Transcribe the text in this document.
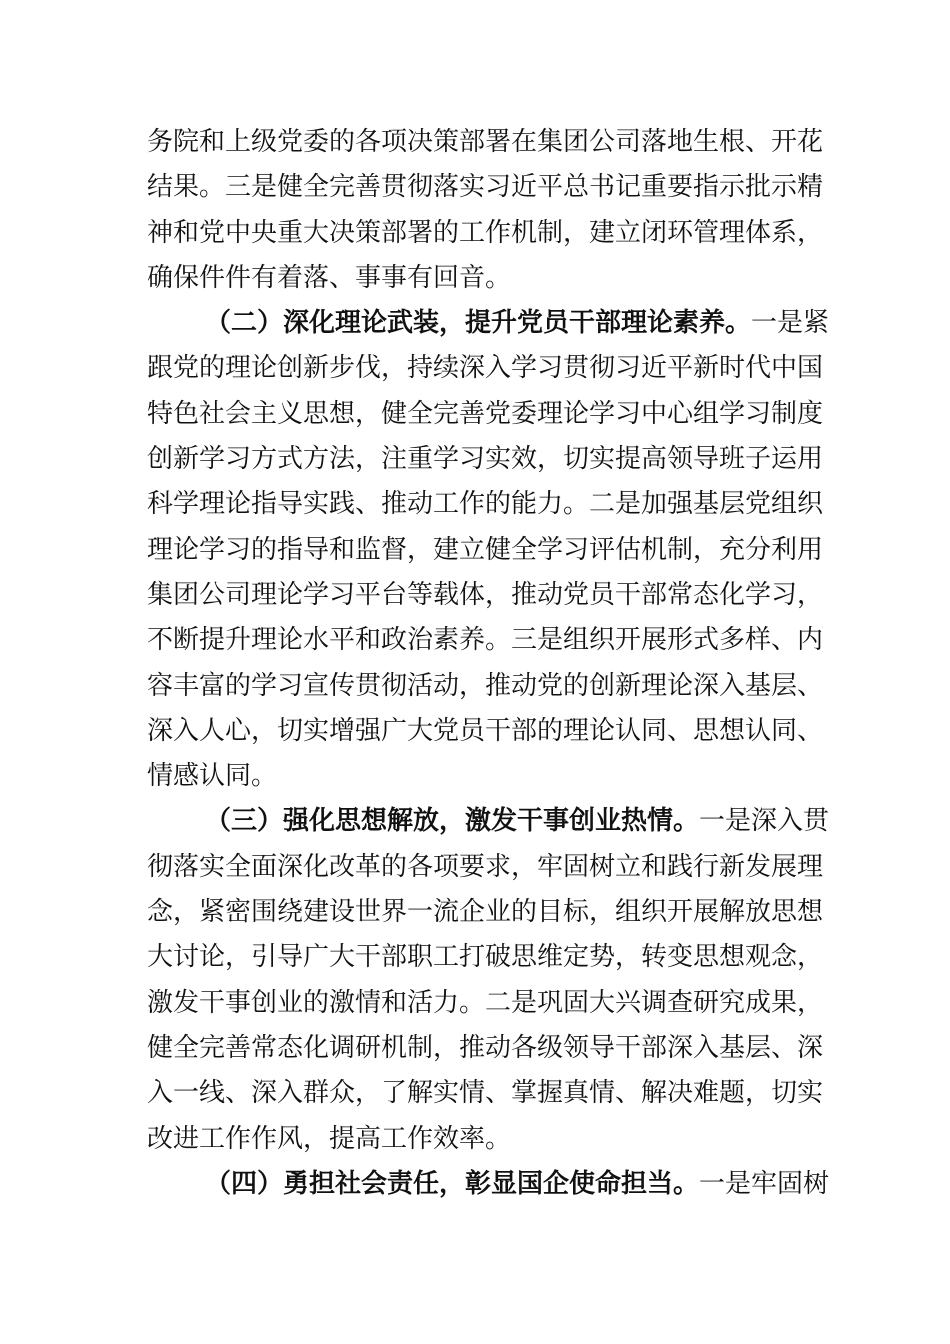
务院和上级党委的各项决策部署在集团公司落地生根、开花
结果。三是健全完善贯彻落实习近平总书记重要指示批示精
神和党中央重大决策部署的工作机制，建立闭环管理体系，
确保件件有着落、事事有回音。
（二）深化理论武装，提升党员干部理论素养。一是紧
跟党的理论创新步伐，持续深入学习贯彻习近平新时代中国
特色社会主义思想，健全完善党委理论学习中心组学习制度
创新学习方式方法，注重学习实效，切实提高领导班子运用
科学理论指导实践、推动工作的能力。二是加强基层党组织
理论学习的指导和监督，建立健全学习评估机制，充分利用
集团公司理论学习平台等载体，推动党员干部常态化学习，
不断提升理论水平和政治素养。三是组织开展形式多样、内
容丰富的学习宣传贯彻活动，推动党的创新理论深入基层、
深入人心，切实增强广大党员干部的理论认同、思想认同、
情感认同。
（三）强化思想解放，激发干事创业热情。一是深入贯
彻落实全面深化改革的各项要求，牢固树立和践行新发展理
念，紧密围绕建设世界一流企业的目标，组织开展解放思想
大讨论，引导广大干部职工打破思维定势，转变思想观念，
激发干事创业的激情和活力。二是巩固大兴调查研究成果，
健全完善常态化调研机制，推动各级领导干部深入基层、深
入一线、深入群众，了解实情、掌握真情、解决难题，切实
改进工作作风，提高工作效率。
（四）勇担社会责任，彰显国企使命担当。一是牢固树
